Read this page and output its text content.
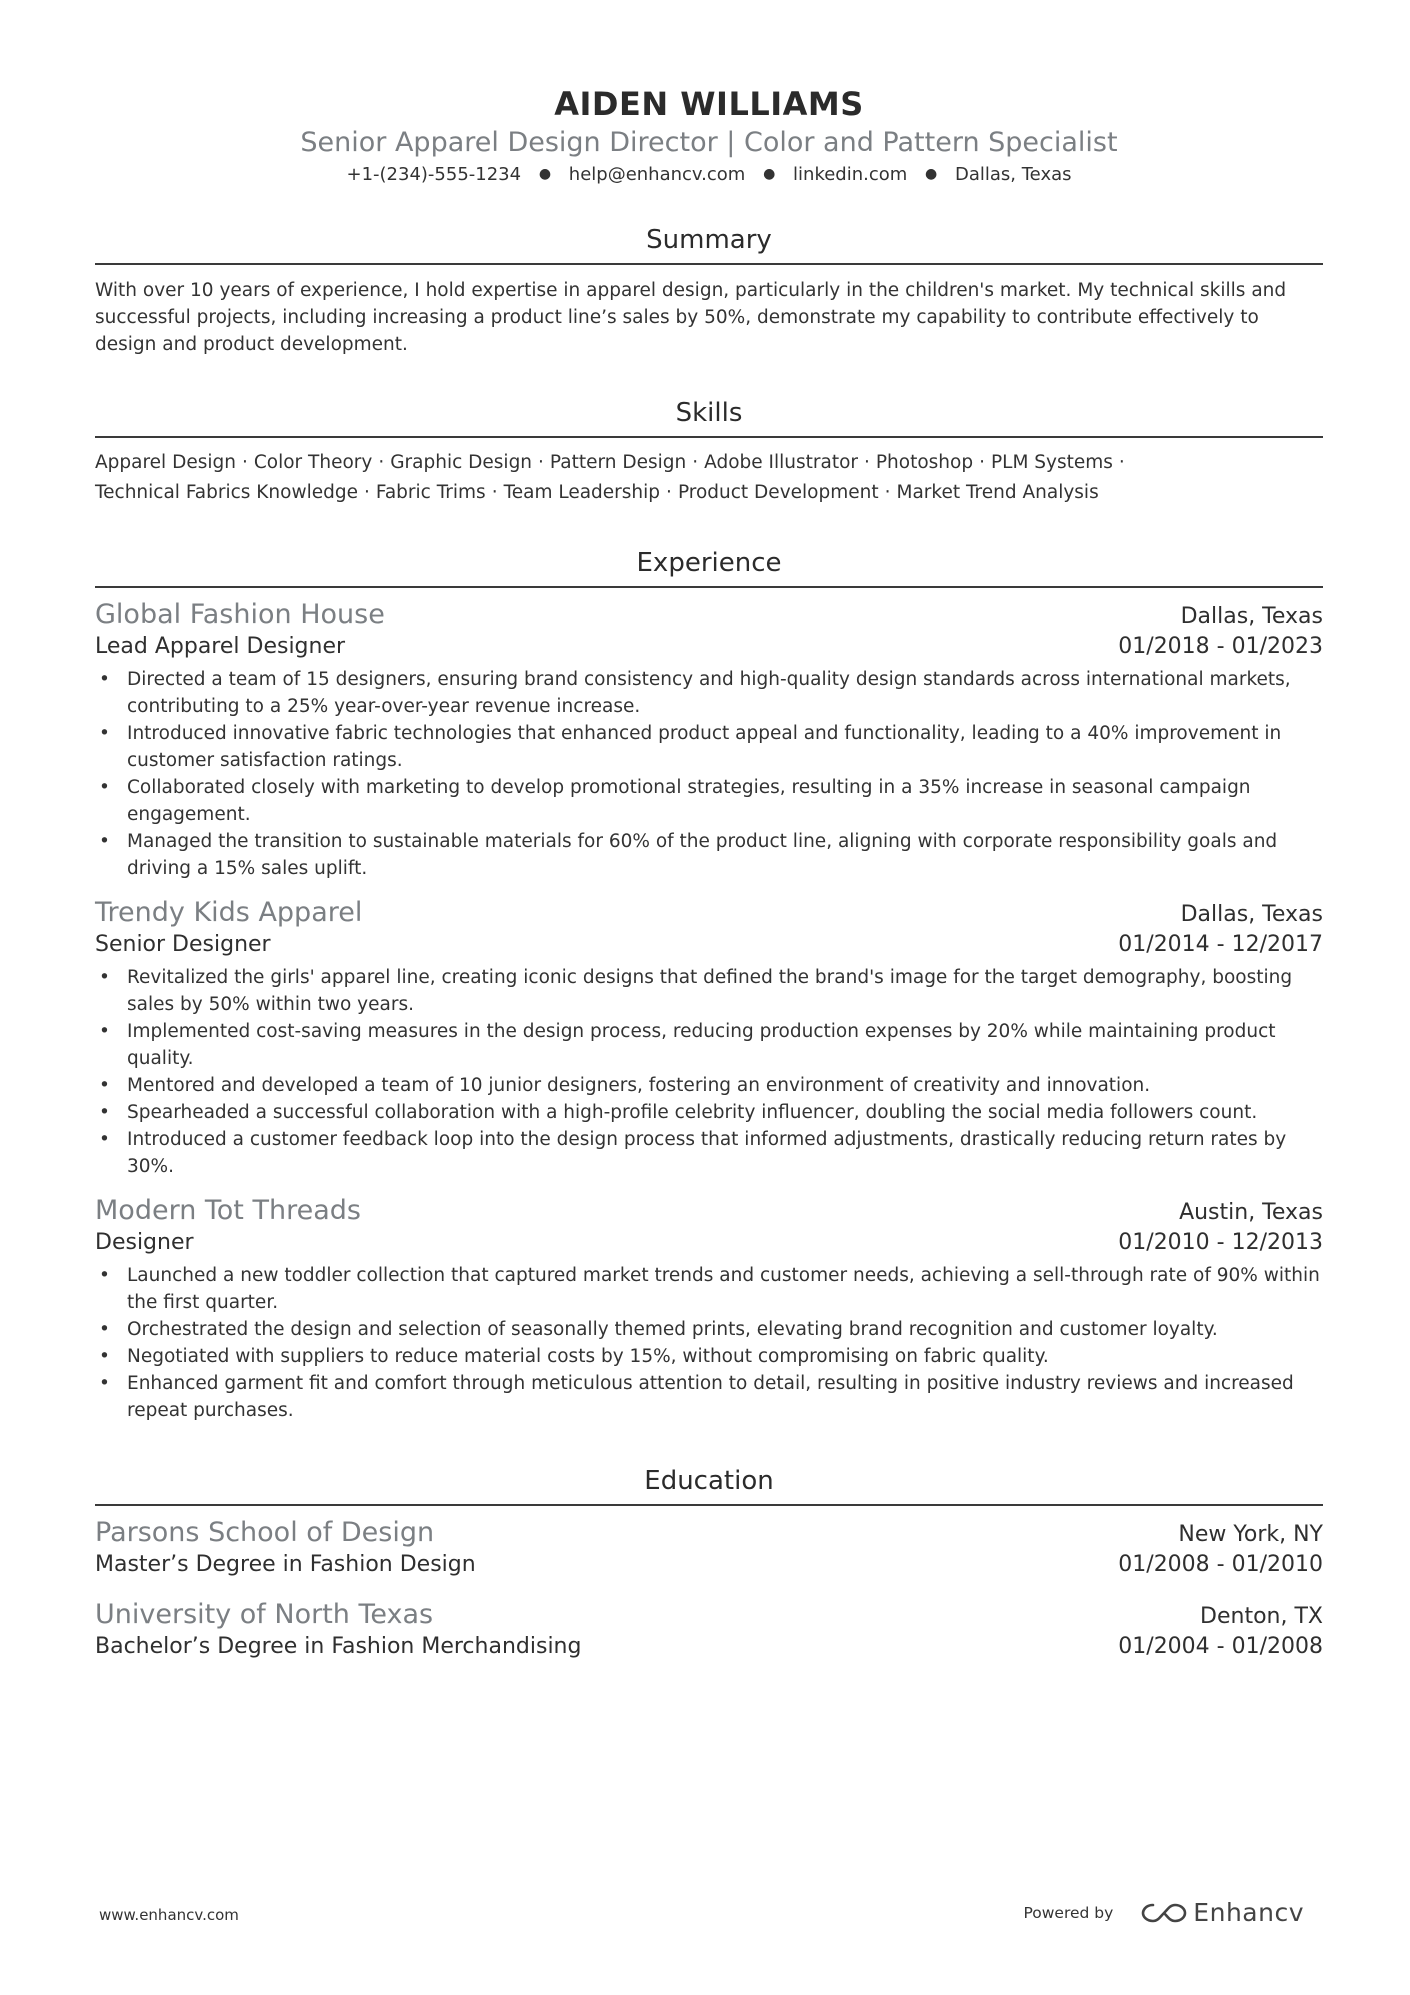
AIDEN WILLIAMS
Senior Apparel Design Director | Color and Pattern Specialist
+1-(234)-555-1234 ● help@enhancv.com ● linkedin.com ● Dallas, Texas
Summary
With over 10 years of experience, I hold expertise in apparel design, particularly in the children's market. My technical skills and successful projects, including increasing a product line’s sales by 50%, demonstrate my capability to contribute effectively to design and product development.
Skills
Apparel Design · Color Theory · Graphic Design · Pattern Design · Adobe Illustrator · Photoshop · PLM Systems ·
Technical Fabrics Knowledge · Fabric Trims · Team Leadership · Product Development · Market Trend Analysis
Experience
Global Fashion House	Dallas, Texas
Lead Apparel Designer	01/2018 - 01/2023
• Directed a team of 15 designers, ensuring brand consistency and high-quality design standards across international markets, contributing to a 25% year-over-year revenue increase.
• Introduced innovative fabric technologies that enhanced product appeal and functionality, leading to a 40% improvement in customer satisfaction ratings.
• Collaborated closely with marketing to develop promotional strategies, resulting in a 35% increase in seasonal campaign engagement.
• Managed the transition to sustainable materials for 60% of the product line, aligning with corporate responsibility goals and driving a 15% sales uplift.
Trendy Kids Apparel	Dallas, Texas
Senior Designer	01/2014 - 12/2017
• Revitalized the girls' apparel line, creating iconic designs that defined the brand's image for the target demography, boosting sales by 50% within two years.
• Implemented cost-saving measures in the design process, reducing production expenses by 20% while maintaining product quality.
• Mentored and developed a team of 10 junior designers, fostering an environment of creativity and innovation.
• Spearheaded a successful collaboration with a high-profile celebrity influencer, doubling the social media followers count.
• Introduced a customer feedback loop into the design process that informed adjustments, drastically reducing return rates by 30%.
Modern Tot Threads	Austin, Texas
Designer	01/2010 - 12/2013
• Launched a new toddler collection that captured market trends and customer needs, achieving a sell-through rate of 90% within the first quarter.
• Orchestrated the design and selection of seasonally themed prints, elevating brand recognition and customer loyalty.
• Negotiated with suppliers to reduce material costs by 15%, without compromising on fabric quality.
• Enhanced garment fit and comfort through meticulous attention to detail, resulting in positive industry reviews and increased repeat purchases.
Education
Parsons School of Design	New York, NY
Master’s Degree in Fashion Design	01/2008 - 01/2010
University of North Texas	Denton, TX
Bachelor’s Degree in Fashion Merchandising	01/2004 - 01/2008
www.enhancv.com	Powered by	Enhancv
